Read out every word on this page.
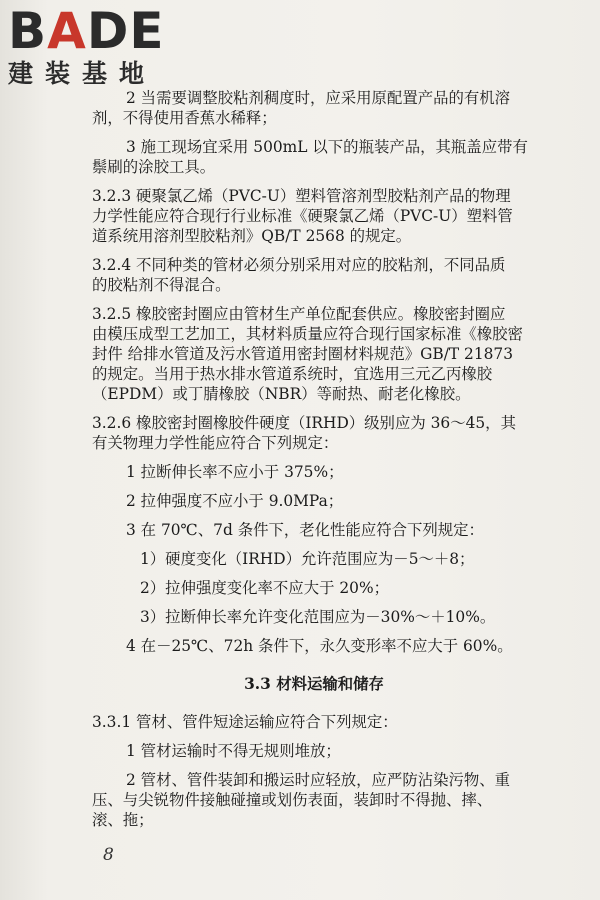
BADE
建装基地
2 当需要调整胶粘剂稠度时，应采用原配置产品的有机溶
剂，不得使用香蕉水稀释；
3 施工现场宜采用 500mL 以下的瓶装产品，其瓶盖应带有
鬃刷的涂胶工具。
3.2.3 硬聚氯乙烯（PVC-U）塑料管溶剂型胶粘剂产品的物理
力学性能应符合现行行业标准《硬聚氯乙烯（PVC-U）塑料管
道系统用溶剂型胶粘剂》QB/T 2568 的规定。
3.2.4 不同种类的管材必须分别采用对应的胶粘剂，不同品质
的胶粘剂不得混合。
3.2.5 橡胶密封圈应由管材生产单位配套供应。橡胶密封圈应
由模压成型工艺加工，其材料质量应符合现行国家标准《橡胶密
封件 给排水管道及污水管道用密封圈材料规范》GB/T 21873
的规定。当用于热水排水管道系统时，宜选用三元乙丙橡胶
（EPDM）或丁腈橡胶（NBR）等耐热、耐老化橡胶。
3.2.6 橡胶密封圈橡胶件硬度（IRHD）级别应为 36～45，其
有关物理力学性能应符合下列规定：
1 拉断伸长率不应小于 375%；
2 拉伸强度不应小于 9.0MPa；
3 在 70℃、7d 条件下，老化性能应符合下列规定：
1）硬度变化（IRHD）允许范围应为－5～＋8；
2）拉伸强度变化率不应大于 20%；
3）拉断伸长率允许变化范围应为－30%～＋10%。
4 在－25℃、72h 条件下，永久变形率不应大于 60%。
3.3 材料运输和储存
3.3.1 管材、管件短途运输应符合下列规定：
1 管材运输时不得无规则堆放；
2 管材、管件装卸和搬运时应轻放，应严防沾染污物、重
压、与尖锐物件接触碰撞或划伤表面，装卸时不得抛、摔、
滚、拖；
8
